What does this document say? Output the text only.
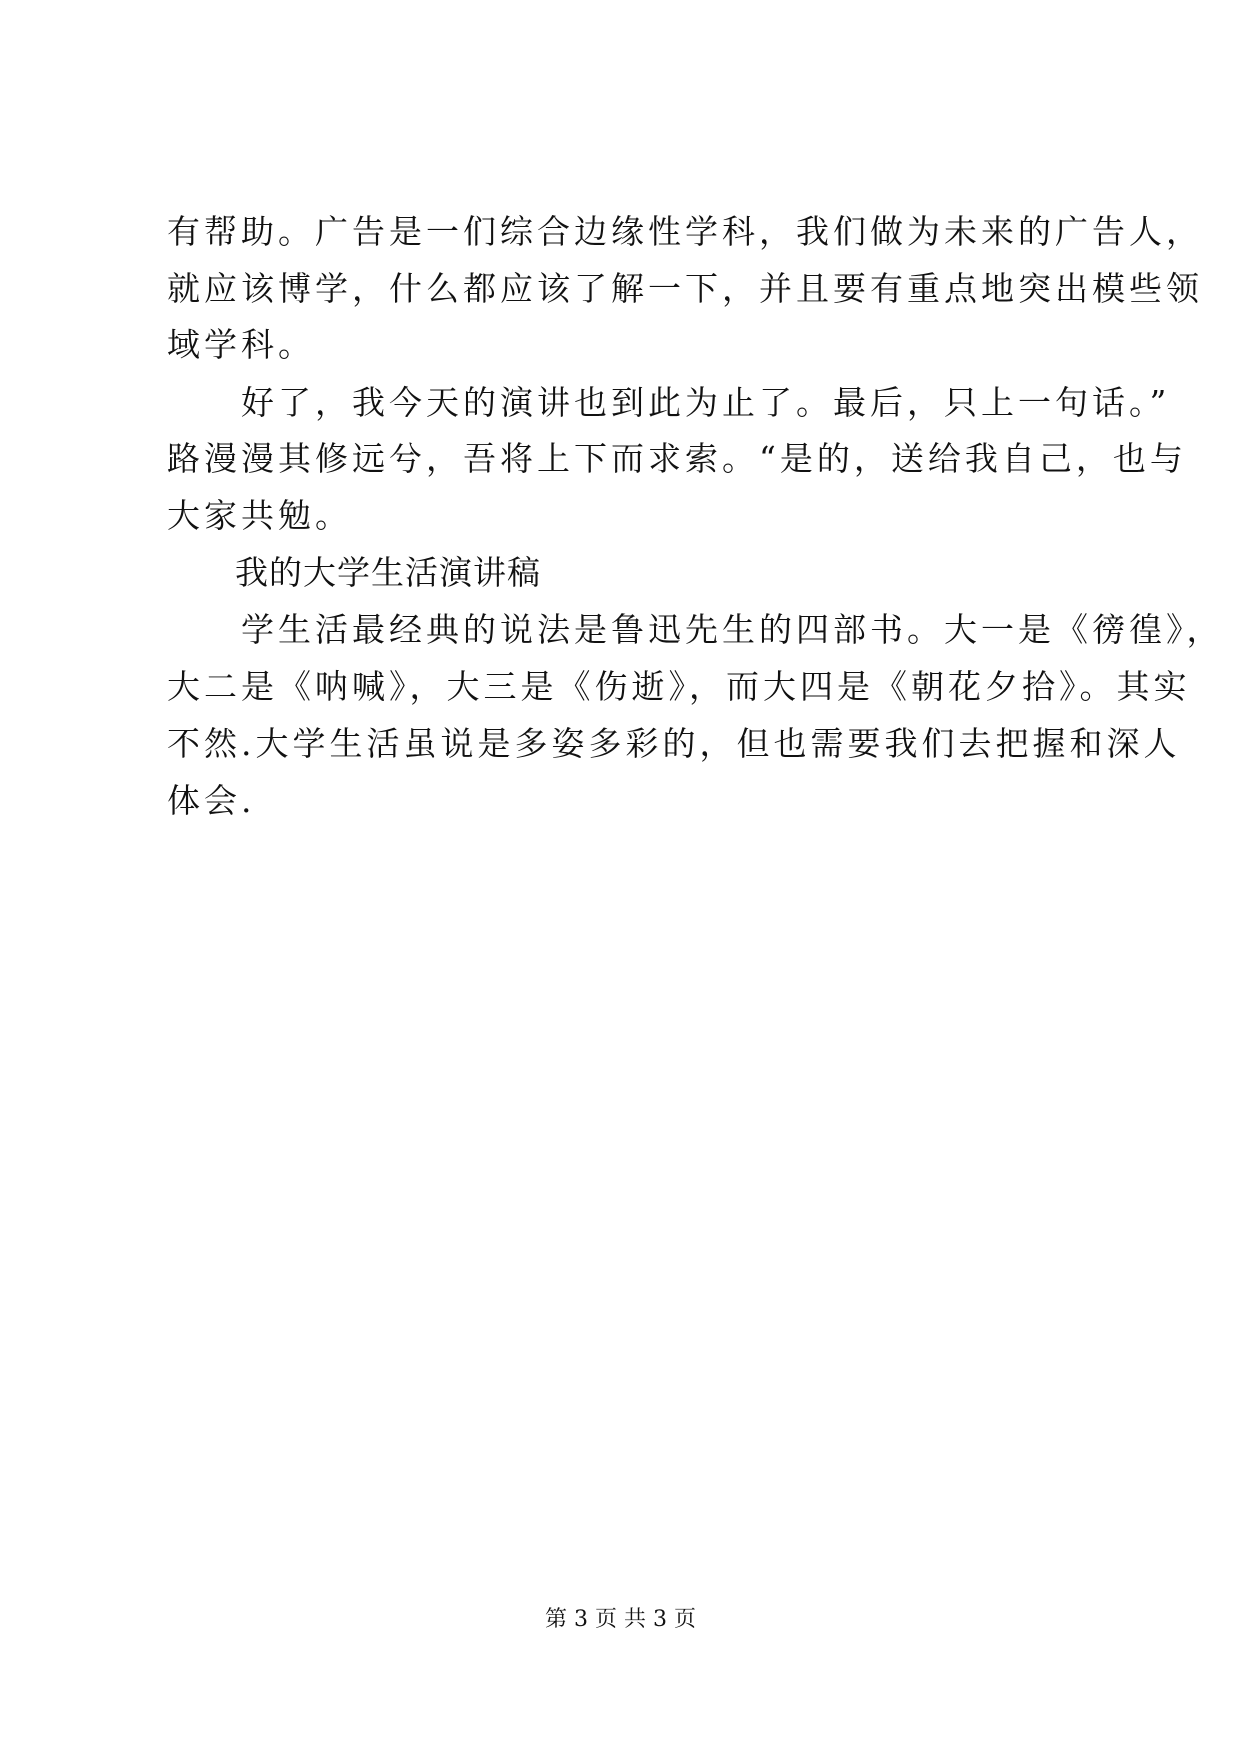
有帮助。广告是一们综合边缘性学科，我们做为未来的广告人，
就应该博学，什么都应该了解一下，并且要有重点地突出模些领
域学科。
　　好了，我今天的演讲也到此为止了。最后，只上一句话。”
路漫漫其修远兮，吾将上下而求索。“是的，送给我自己，也与
大家共勉。
　　我的大学生活演讲稿
　　学生活最经典的说法是鲁迅先生的四部书。大一是《徬徨》，
大二是《呐喊》，大三是《伤逝》，而大四是《朝花夕拾》。其实
不然.大学生活虽说是多姿多彩的，但也需要我们去把握和深人
体会.
第 3 页 共 3 页
